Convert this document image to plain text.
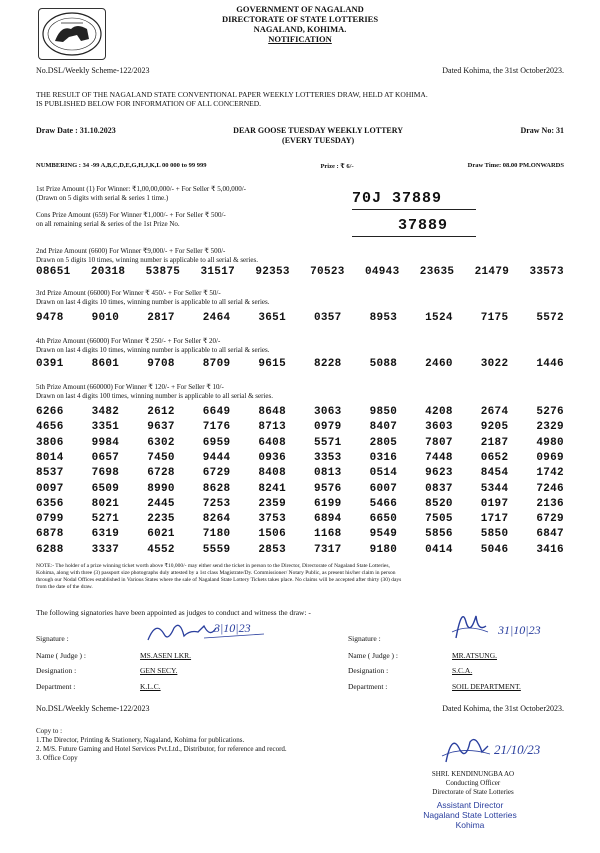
GOVERNMENT OF NAGALAND
DIRECTORATE OF STATE LOTTERIES
NAGALAND, KOHIMA.
NOTIFICATION
No.DSL/Weekly Scheme-122/2023	Dated Kohima, the 31st October2023.
THE RESULT OF THE NAGALAND STATE CONVENTIONAL PAPER WEEKLY LOTTERIES DRAW, HELD AT KOHIMA.
IS PUBLISHED BELOW FOR INFORMATION OF ALL CONCERNED.
Draw Date : 31.10.2023	DEAR GOOSE TUESDAY WEEKLY LOTTERY
(EVERY TUESDAY)
Draw No: 31
NUMBERING : 34 -99 A,B,C,D,E,G,H,J,K,L 00 000 to 99 999	Prize : ₹ 6/-	Draw Time: 08.00 PM.ONWARDS
1st Prize Amount (1) For Winner: ₹1,00,00,000/- + For Seller ₹ 5,00,000/-
(Drawn on 5 digits with serial & series 1 time.)	70J 37889
Cons Prize Amount (659) For Winner ₹1,000/- + For Seller ₹ 500/-
on all remaining serial & series of the 1st Prize No.	37889
2nd Prize Amount (6600) For Winner ₹9,000/- + For Seller ₹ 500/-
Drawn on 5 digits 10 times, winning number is applicable to all serial & series.
08651 20318 53875 31517 92353 70523 04943 23635 21479 33573
3rd Prize Amount (66000) For Winner ₹ 450/- + For Seller ₹ 50/-
Drawn on last 4 digits 10 times, winning number is applicable to all serial & series.
9478	9010	2817	2464	3651	0357	8953	1524	7175	5572
4th Prize Amount (66000) For Winner ₹ 250/- + For Seller ₹ 20/-
Drawn on last 4 digits 10 times, winning number is applicable to all serial & series.
0391	8601	9708	8709	9615	8228	5088	2460	3022	1446
5th Prize Amount (660000) For Winner ₹ 120/- + For Seller ₹ 10/-
Drawn on last 4 digits 100 times, winning number is applicable to all serial & series.
6266	3482	2612	6649	8648	3063	9850	4208	2674	5276
4656	3351	9637	7176	8713	0979	8407	3603	9205	2329
3806	9984	6302	6959	6408	5571	2805	7807	2187	4980
8014	0657	7450	9444	0936	3353	0316	7448	0652	0969
8537	7698	6728	6729	8408	0813	0514	9623	8454	1742
0097	6509	8990	8628	8241	9576	6007	0837	5344	7246
6356	8021	2445	7253	2359	6199	5466	8520	0197	2136
0799	5271	2235	8264	3753	6894	6650	7505	1717	6729
6878	6319	6021	7180	1506	1168	9549	5856	5850	6847
6288	3337	4552	5559	2853	7317	9180	0414	5046	3416
NOTE:- The holder of a prize winning ticket worth above ₹10,000/- may either send the ticket in person to the Director, Directorate of Nagaland State Lotteries,
Kohima, along with three (3) passport size photographs duly attested by a 1st class Magistrate/Dy. Commissioner/ Notary Public, as present his/her claim in person
through our Nodal Offices established in Various States where the sale of Nagaland State Lottery Tickets takes place. No claims will be accepted after thirty (30) days
from the date of the draw.
The following signatories have been appointed as judges to conduct and witness the draw: -
Signature :
3|10|23
Name ( Judge ) :	MS.ASEN LKR.
Designation :	GEN SECY.
Department :	K.L.C.
Signature :
31|10|23
Name ( Judge ) :	MR.ATSUNG.
Designation :	S.C.A.
Department :	SOIL DEPARTMENT.
No.DSL/Weekly Scheme-122/2023	Dated Kohima, the 31st October2023.
Copy to :
1.The Director, Printing & Stationery, Nagaland, Kohima for publications.
2. M/S. Future Gaming and Hotel Services Pvt.Ltd., Distributor, for reference and record.
3. Office Copy
21/10/23
SHRI. KENDINUNGBA AO
Conducting Officer
Directorate of State Lotteries
Assistant Director
Nagaland State Lotteries
Kohima
